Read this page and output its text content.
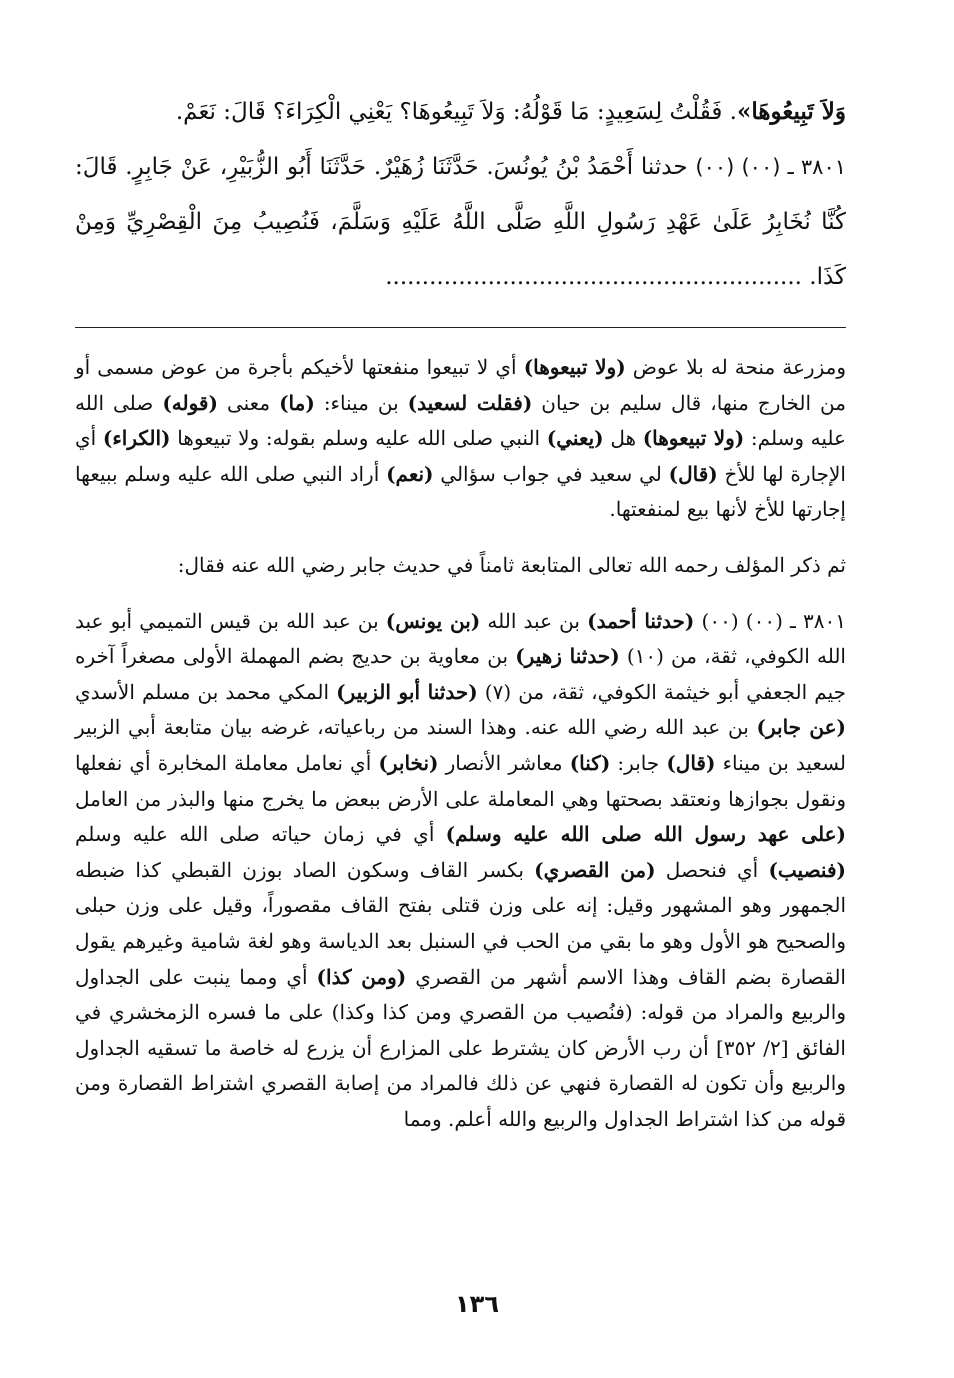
وَلاَ تَبِيعُوهَا». فَقُلْتُ لِسَعِيدٍ: مَا قَوْلُهُ: وَلاَ تَبِيعُوهَا؟ يَعْنِي الْكِرَاءَ؟ قَالَ: نَعَمْ.

٣٨٠١ ـ (٠٠) (٠٠) حدثنا أَحْمَدُ بْنُ يُونُسَ. حَدَّثَنَا زُهَيْرٌ. حَدَّثَنَا أَبُو الزُّبَيْرِ، عَنْ جَابِرٍ. قَالَ: كُنَّا نُخَابِرُ عَلَىٰ عَهْدِ رَسُولِ اللَّهِ صَلَّى اللَّهُ عَلَيْهِ وَسَلَّمَ، فَنُصِيبُ مِنَ الْقِصْرِيِّ وَمِنْ كَذَا. .........................................................

ومزرعة منحة له بلا عوض (ولا تبيعوها) أي لا تبيعوا منفعتها لأخيكم بأجرة من عوض مسمى أو من الخارج منها، قال سليم بن حيان (فقلت لسعيد) بن ميناء: (ما) معنى (قوله) صلى الله عليه وسلم: (ولا تبيعوها) هل (يعني) النبي صلى الله عليه وسلم بقوله: ولا تبيعوها (الكراء) أي الإجارة لها للأخ (قال) لي سعيد في جواب سؤالي (نعم) أراد النبي صلى الله عليه وسلم ببيعها إجارتها للأخ لأنها بيع لمنفعتها.

ثم ذكر المؤلف رحمه الله تعالى المتابعة ثامناً في حديث جابر رضي الله عنه فقال:

٣٨٠١ ـ (٠٠) (٠٠) (حدثنا أحمد) بن عبد الله (بن يونس) بن عبد الله بن قيس التميمي أبو عبد الله الكوفي، ثقة، من (١٠) (حدثنا زهير) بن معاوية بن حديج بضم المهملة الأولى مصغراً آخره جيم الجعفي أبو خيثمة الكوفي، ثقة، من (٧) (حدثنا أبو الزبير) المكي محمد بن مسلم الأسدي (عن جابر) بن عبد الله رضي الله عنه. وهذا السند من رباعياته، غرضه بيان متابعة أبي الزبير لسعيد بن ميناء (قال) جابر: (كنا) معاشر الأنصار (نخابر) أي نعامل معاملة المخابرة أي نفعلها ونقول بجوازها ونعتقد بصحتها وهي المعاملة على الأرض ببعض ما يخرج منها والبذر من العامل (على عهد رسول الله صلى الله عليه وسلم) أي في زمان حياته صلى الله عليه وسلم (فنصيب) أي فنحصل (من القصري) بكسر القاف وسكون الصاد بوزن القبطي كذا ضبطه الجمهور وهو المشهور وقيل: إنه على وزن قتلى بفتح القاف مقصوراً، وقيل على وزن حبلى والصحيح هو الأول وهو ما بقي من الحب في السنبل بعد الدياسة وهو لغة شامية وغيرهم يقول القصارة بضم القاف وهذا الاسم أشهر من القصري (ومن كذا) أي ومما ينبت على الجداول والربيع والمراد من قوله: (فنُصيب من القصري ومن كذا وكذا) على ما فسره الزمخشري في الفائق [٢/ ٣٥٢] أن رب الأرض كان يشترط على المزارع أن يزرع له خاصة ما تسقيه الجداول والربيع وأن تكون له القصارة فنهي عن ذلك فالمراد من إصابة القصري اشتراط القصارة ومن قوله من كذا اشتراط الجداول والربيع والله أعلم. ومما

١٣٦
